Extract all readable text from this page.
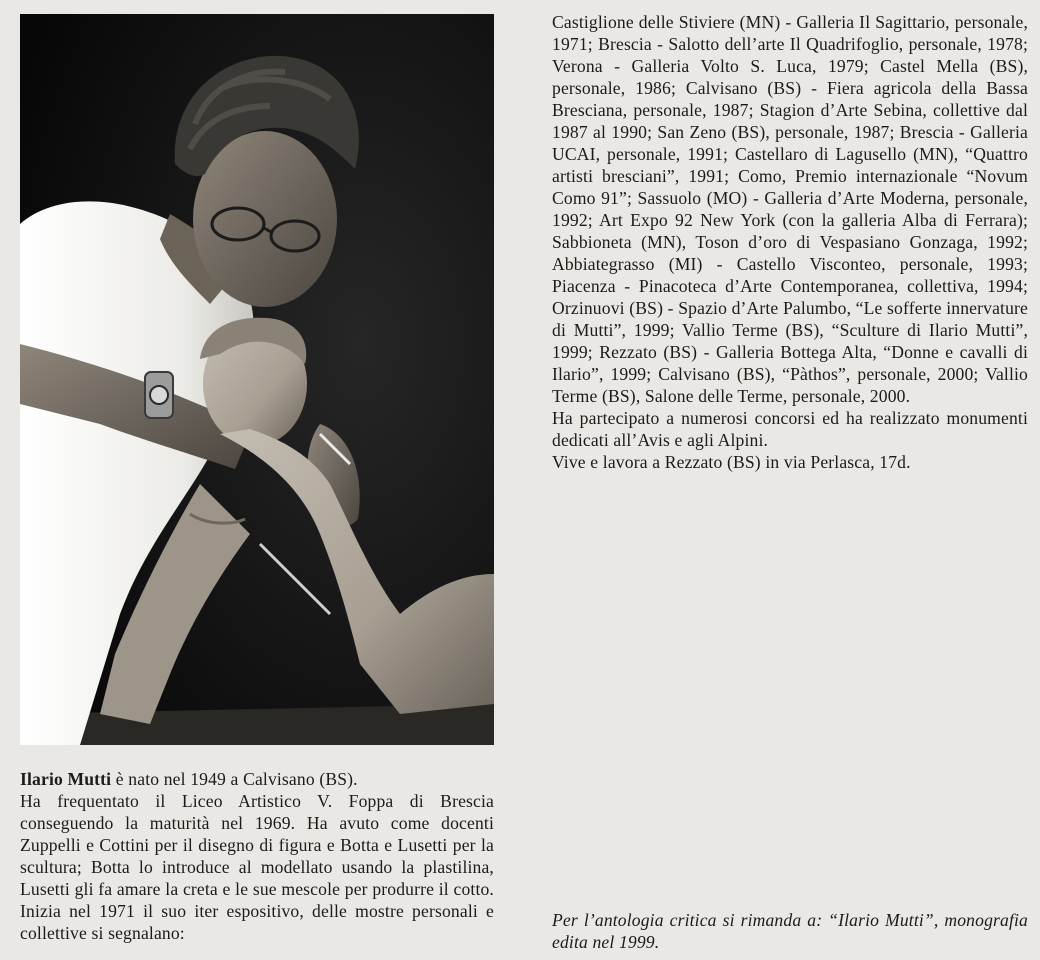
Castiglione delle Stiviere (MN) - Galleria Il Sagittario, personale, 1971; Brescia - Salotto dell’arte Il Quadrifoglio, personale, 1978; Verona - Galleria Volto S. Luca, 1979; Castel Mella (BS), personale, 1986; Calvisano (BS) - Fiera agricola della Bassa Bresciana, personale, 1987; Stagion d’Arte Sebina, collettive dal 1987 al 1990; San Zeno (BS), personale, 1987; Brescia - Galleria UCAI, personale, 1991; Castellaro di Lagusello (MN), “Quattro artisti bresciani”, 1991; Como, Premio internazionale “Novum Como 91”; Sassuolo (MO) - Galleria d’Arte Moderna, personale, 1992; Art Expo 92 New York (con la galleria Alba di Ferrara); Sabbioneta (MN), Toson d’oro di Vespasiano Gonzaga, 1992; Abbiategrasso (MI) - Castello Visconteo, personale, 1993; Piacenza - Pinacoteca d’Arte Contemporanea, collettiva, 1994; Orzinuovi (BS) - Spazio d’Arte Palumbo, “Le sofferte innervature di Mutti”, 1999; Vallio Terme (BS), “Sculture di Ilario Mutti”, 1999; Rezzato (BS) - Galleria Bottega Alta, “Donne e cavalli di Ilario”, 1999; Calvisano (BS), “Pàthos”, personale, 2000; Vallio Terme (BS), Salone delle Terme, personale, 2000.

Ha partecipato a numerosi concorsi ed ha realizzato monumenti dedicati all’Avis e agli Alpini.

Vive e lavora a Rezzato (BS) in via Perlasca, 17d.

Ilario Mutti è nato nel 1949 a Calvisano (BS).

Ha frequentato il Liceo Artistico V. Foppa di Brescia conseguendo la maturità nel 1969. Ha avuto come docenti Zuppelli e Cottini per il disegno di figura e Botta e Lusetti per la scultura; Botta lo introduce al modellato usando la plastilina, Lusetti gli fa amare la creta e le sue mescole per produrre il cotto. Inizia nel 1971 il suo iter espositivo, delle mostre personali e collettive si segnalano:

Per l’antologia critica si rimanda a: “Ilario Mutti”, monografia edita nel 1999.
